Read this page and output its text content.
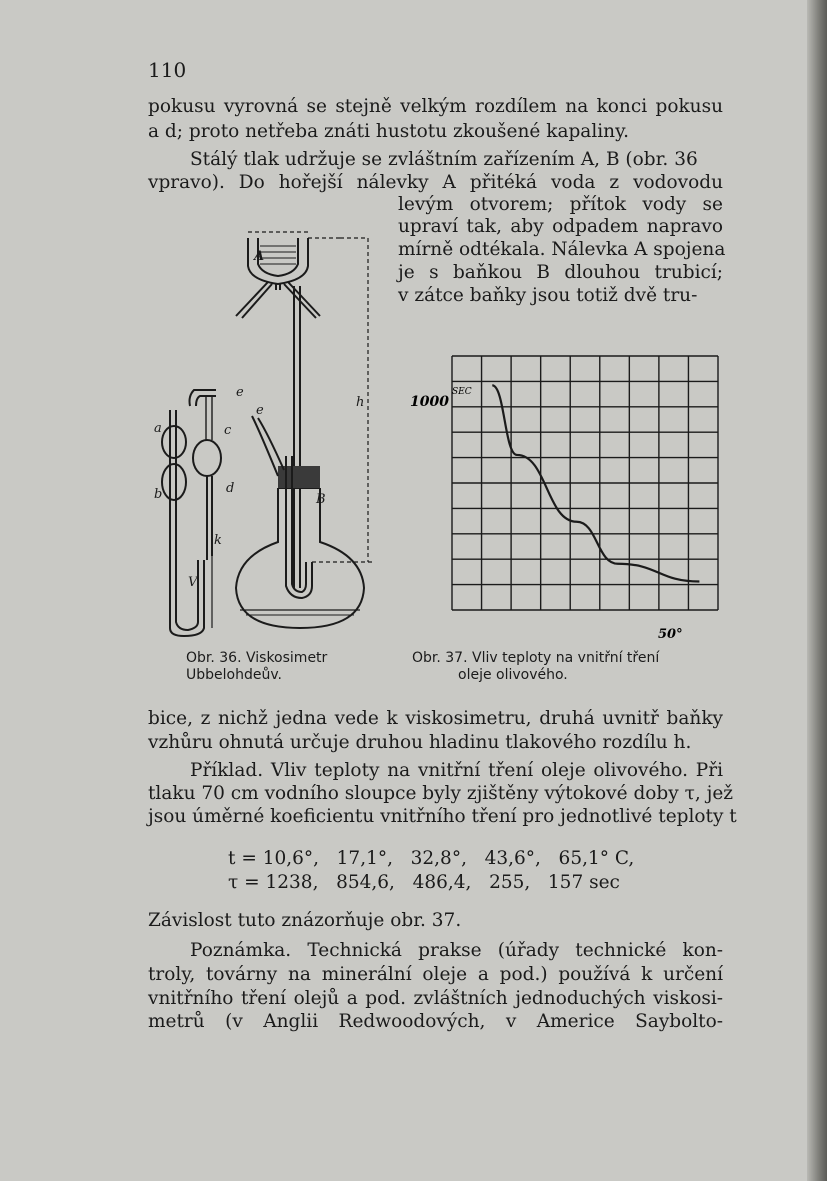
110
pokusu vyrovná se stejně velkým rozdílem na konci pokusu
a d; proto netřeba znáti hustotu zkoušené kapaliny.
Stálý tlak udržuje se zvláštním zařízením A, B (obr. 36
vpravo). Do hořejší nálevky A přitéká voda z vodovodu
levým otvorem; přítok vody se
upraví tak, aby odpadem napravo
mírně odtékala. Nálevka A spojena
je s baňkou B dlouhou trubicí;
v zátce baňky jsou totiž dvě tru-
A
B
a
b
c
d
e
e
k
V
h
Obr. 36. Viskosimetr
Ubbelohdeův.
1000
SEC
50°
Obr. 37. Vliv teploty na vnitřní tření
oleje olivového.
bice, z nichž jedna vede k viskosimetru, druhá uvnitř baňky
vzhůru ohnutá určuje druhou hladinu tlakového rozdílu h.
Příklad. Vliv teploty na vnitřní tření oleje olivového. Při
tlaku 70 cm vodního sloupce byly zjištěny výtokové doby τ, jež
jsou úměrné koeficientu vnitřního tření pro jednotlivé teploty t
t = 10,6°,   17,1°,   32,8°,   43,6°,   65,1° C,
τ = 1238,   854,6,   486,4,   255,   157 sec
Závislost tuto znázorňuje obr. 37.
Poznámka. Technická prakse (úřady technické kon-
troly, továrny na minerální oleje a pod.) používá k určení
vnitřního tření olejů a pod. zvláštních jednoduchých viskosi-
metrů (v Anglii Redwoodových, v Americe Saybolto-
